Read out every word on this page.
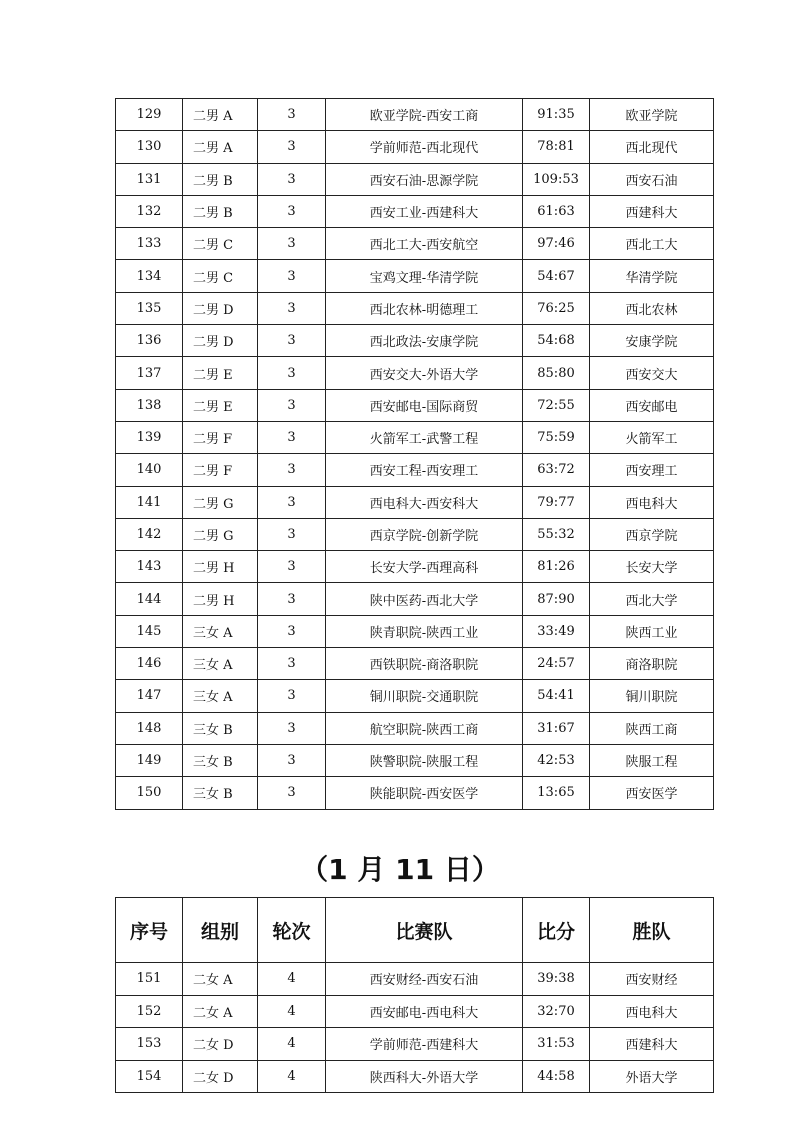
129	二男 A	3	欧亚学院-西安工商	91:35	欧亚学院
130	二男 A	3	学前师范-西北现代	78:81	西北现代
131	二男 B	3	西安石油-思源学院	109:53	西安石油
132	二男 B	3	西安工业-西建科大	61:63	西建科大
133	二男 C	3	西北工大-西安航空	97:46	西北工大
134	二男 C	3	宝鸡文理-华清学院	54:67	华清学院
135	二男 D	3	西北农林-明德理工	76:25	西北农林
136	二男 D	3	西北政法-安康学院	54:68	安康学院
137	二男 E	3	西安交大-外语大学	85:80	西安交大
138	二男 E	3	西安邮电-国际商贸	72:55	西安邮电
139	二男 F	3	火箭军工-武警工程	75:59	火箭军工
140	二男 F	3	西安工程-西安理工	63:72	西安理工
141	二男 G	3	西电科大-西安科大	79:77	西电科大
142	二男 G	3	西京学院-创新学院	55:32	西京学院
143	二男 H	3	长安大学-西理高科	81:26	长安大学
144	二男 H	3	陕中医药-西北大学	87:90	西北大学
145	三女 A	3	陕青职院-陕西工业	33:49	陕西工业
146	三女 A	3	西铁职院-商洛职院	24:57	商洛职院
147	三女 A	3	铜川职院-交通职院	54:41	铜川职院
148	三女 B	3	航空职院-陕西工商	31:67	陕西工商
149	三女 B	3	陕警职院-陕服工程	42:53	陕服工程
150	三女 B	3	陕能职院-西安医学	13:65	西安医学
（1 月 11 日）
序号	组别	轮次	比赛队	比分	胜队
151	二女 A	4	西安财经-西安石油	39:38	西安财经
152	二女 A	4	西安邮电-西电科大	32:70	西电科大
153	二女 D	4	学前师范-西建科大	31:53	西建科大
154	二女 D	4	陕西科大-外语大学	44:58	外语大学
